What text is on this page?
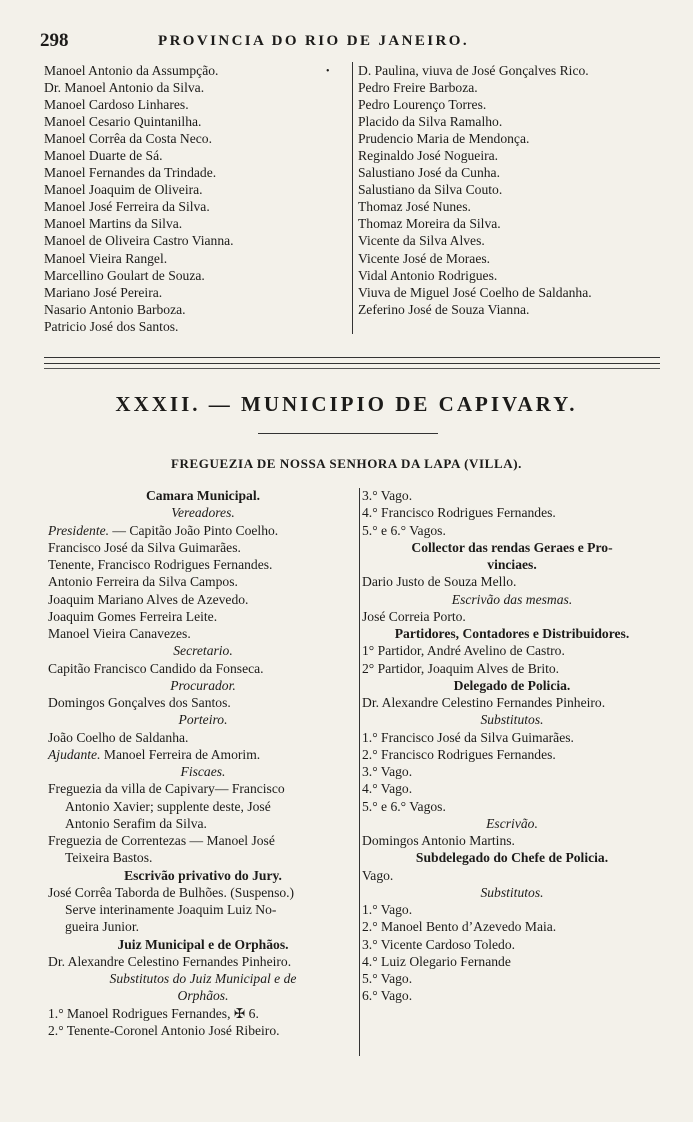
298	PROVINCIA DO RIO DE JANEIRO.
Manoel Antonio da Assumpção.
Dr. Manoel Antonio da Silva.
Manoel Cardoso Linhares.
Manoel Cesario Quintanilha.
Manoel Corrêa da Costa Neco.
Manoel Duarte de Sá.
Manoel Fernandes da Trindade.
Manoel Joaquim de Oliveira.
Manoel José Ferreira da Silva.
Manoel Martins da Silva.
Manoel de Oliveira Castro Vianna.
Manoel Vieira Rangel.
Marcellino Goulart de Souza.
Mariano José Pereira.
Nasario Antonio Barboza.
Patricio José dos Santos.
• D. Paulina, viuva de José Gonçalves Rico.
Pedro Freire Barboza.
Pedro Lourenço Torres.
Placido da Silva Ramalho.
Prudencio Maria de Mendonça.
Reginaldo José Nogueira.
Salustiano José da Cunha.
Salustiano da Silva Couto.
Thomaz José Nunes.
Thomaz Moreira da Silva.
Vicente da Silva Alves.
Vicente José de Moraes.
Vidal Antonio Rodrigues.
Viuva de Miguel José Coelho de Saldanha.
Zeferino José de Souza Vianna.
XXXII. — MUNICIPIO DE CAPIVARY.
FREGUEZIA DE NOSSA SENHORA DA LAPA (VILLA).
Camara Municipal.
Vereadores.
Presidente. — Capitão João Pinto Coelho.
Francisco José da Silva Guimarães.
Tenente, Francisco Rodrigues Fernandes.
Antonio Ferreira da Silva Campos.
Joaquim Mariano Alves de Azevedo.
Joaquim Gomes Ferreira Leite.
Manoel Vieira Canavezes.
Secretario.
Capitão Francisco Candido da Fonseca.
Procurador.
Domingos Gonçalves dos Santos.
Porteiro.
João Coelho de Saldanha.
Ajudante. Manoel Ferreira de Amorim.
Fiscaes.
Freguezia da villa de Capivary— Francisco
Antonio Xavier; supplente deste, José
Antonio Serafim da Silva.
Freguezia de Correntezas — Manoel José
Teixeira Bastos.
Escrivão privativo do Jury.
José Corrêa Taborda de Bulhões. (Suspenso.)
Serve interinamente Joaquim Luiz No-
gueira Junior.
Juiz Municipal e de Orphãos.
Dr. Alexandre Celestino Fernandes Pinheiro.
Substitutos do Juiz Municipal e de
Orphãos.
1.° Manoel Rodrigues Fernandes, ✠ 6.
2.° Tenente-Coronel Antonio José Ribeiro.
3.° Vago.
4.° Francisco Rodrigues Fernandes.
5.° e 6.° Vagos.
Collector das rendas Geraes e Pro-
vinciaes.
Dario Justo de Souza Mello.
Escrivão das mesmas.
José Correia Porto.
Partidores, Contadores e Distribuidores.
1° Partidor, André Avelino de Castro.
2° Partidor, Joaquim Alves de Brito.
Delegado de Policia.
Dr. Alexandre Celestino Fernandes Pinheiro.
Substitutos.
1.° Francisco José da Silva Guimarães.
2.° Francisco Rodrigues Fernandes.
3.° Vago.
4.° Vago.
5.° e 6.° Vagos.
Escrivão.
Domingos Antonio Martins.
Subdelegado do Chefe de Policia.
Vago.
Substitutos.
1.° Vago.
2.° Manoel Bento d’Azevedo Maia.
3.° Vicente Cardoso Toledo.
4.° Luiz Olegario Fernande
5.° Vago.
6.° Vago.
